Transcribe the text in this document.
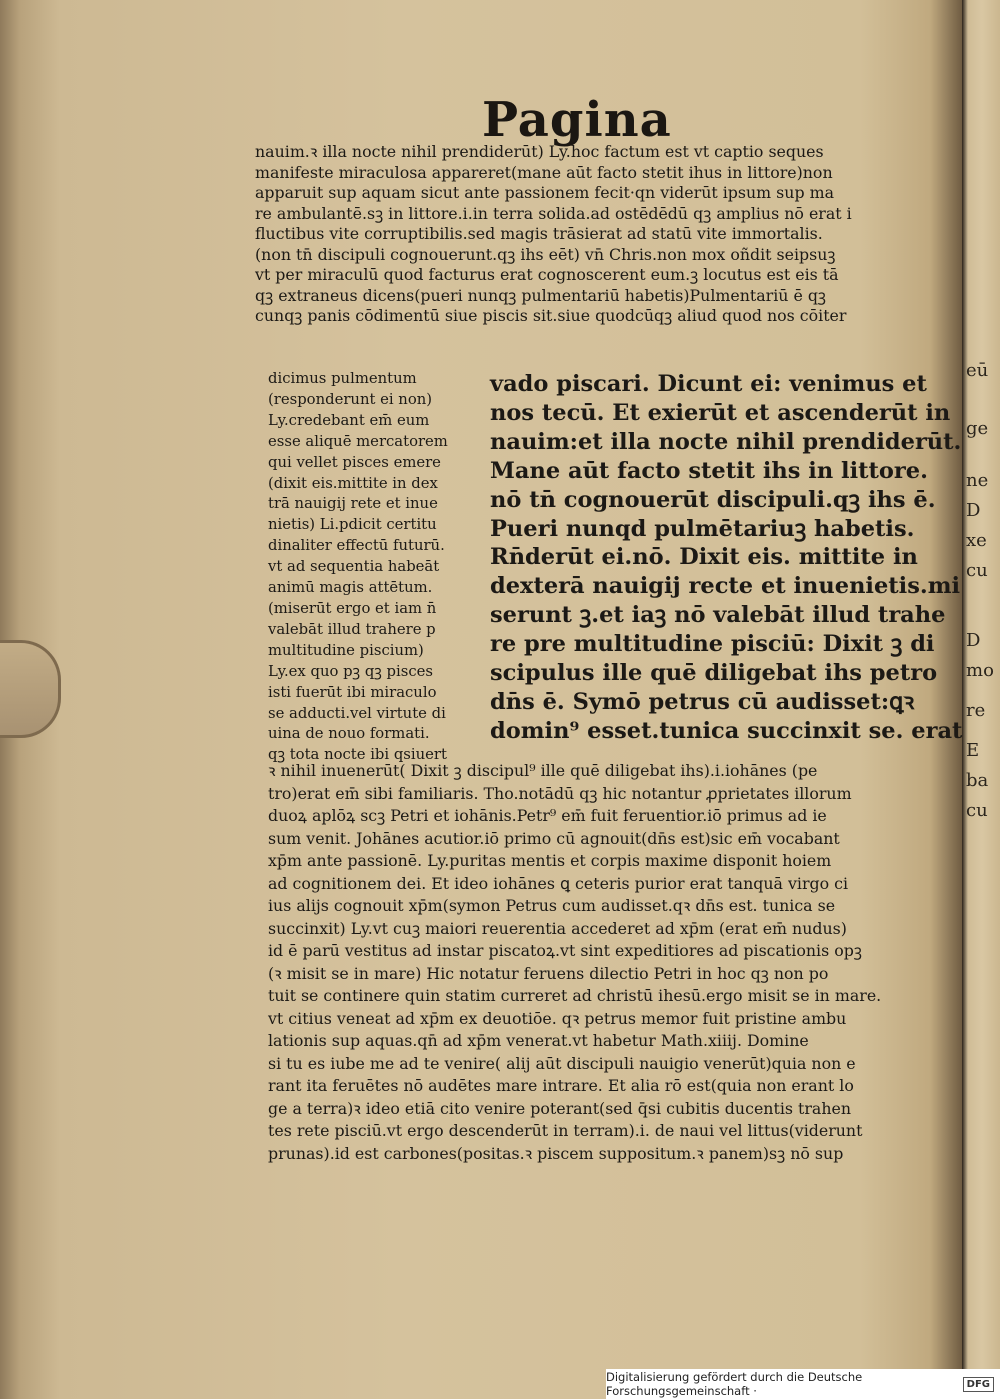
eū
ge
ne
D
xe
cu
D
mo
re
E
ba
cu
Pagina
nauim.ꝛ illa nocte nihil prendiderūt) Ly.hoc factum est vt captio seques
manifeste miraculosa appareret(mane aūt facto stetit ihus in littore)non
apparuit sup aquam sicut ante passionem fecit·qn viderūt ipsum sup ma
re ambulantē.sꝫ in littore.i.in terra solida.ad ostēdēdū qꝫ amplius nō erat i
fluctibus vite corruptibilis.sed magis trāsierat ad statū vite immortalis.
(non tn̄ discipuli cognouerunt.qꝫ ihs eēt) vn̄ Chris.non mox oñdit seipsuꝫ
vt per miraculū quod facturus erat cognoscerent eum.ꝫ locutus est eis tā
qꝫ extraneus dicens(pueri nunqꝫ pulmentariū habetis)Pulmentariū ē qꝫ
cunqꝫ panis cōdimentū siue piscis sit.siue quodcūqꝫ aliud quod nos cōiter
dicimus pulmentum
(responderunt ei non)
Ly.credebant em̄ eum
esse aliquē mercatorem
qui vellet pisces emere
(dixit eis.mittite in dex
trā nauigij rete et inue
nietis) Li.pdicit certitu
dinaliter effectū futurū.
vt ad sequentia habeāt
animū magis attētum.
(miserūt ergo et iam n̄
valebāt illud trahere p
multitudine piscium)
Ly.ex quo pꝫ qꝫ pisces
isti fuerūt ibi miraculo
se adducti.vel virtute di
uina de nouo formati.
qꝫ tota nocte ibi qsiuert
vado piscari. Dicunt ei: venimus et
nos tecū. Et exierūt et ascenderūt in
nauim:et illa nocte nihil prendiderūt.
Mane aūt facto stetit ihs in littore.
nō tn̄ cognouerūt discipuli.qꝫ ihs ē.
Pueri nunqd pulmētariuꝫ habetis.
Rn̄derūt ei.nō. Dixit eis. mittite in
dexterā nauigij recte et inuenietis.mi
serunt ꝫ.et iaꝫ nō valebāt illud trahe
re pre multitudine pisciū: Dixit ꝫ di
scipulus ille quē diligebat ihs petro
dn̄s ē. Symō petrus cū audisset:ꝗꝛ
domin⁹ esset.tunica succinxit se. erat
ꝛ nihil inuenerūt( Dixit ꝫ discipul⁹ ille quē diligebat ihs).i.iohānes (pe
tro)erat em̄ sibi familiaris. Tho.notādū qꝫ hic notantur ꝓprietates illorum
duoꝝ aplōꝝ scꝫ Petri et iohānis.Petr⁹ em̄ fuit feruentior.iō primus ad ie
sum venit. Johānes acutior.iō primo cū agnouit(dn̄s est)sic em̄ vocabant
xp̄m ante passionē. Ly.puritas mentis et corpis maxime disponit hoiem
ad cognitionem dei. Et ideo iohānes ꝗ ceteris purior erat tanquā virgo ci
ius alijs cognouit xp̄m(symon Petrus cum audisset.qꝛ dn̄s est. tunica se
succinxit) Ly.vt cuꝫ maiori reuerentia accederet ad xp̄m (erat em̄ nudus)
id ē parū vestitus ad instar piscatoꝝ.vt sint expeditiores ad piscationis opꝫ
(ꝛ misit se in mare) Hic notatur feruens dilectio Petri in hoc qꝫ non po
tuit se continere quin statim curreret ad christū ihesū.ergo misit se in mare.
vt citius veneat ad xp̄m ex deuotiōe. qꝛ petrus memor fuit pristine ambu
lationis sup aquas.qn̄ ad xp̄m venerat.vt habetur Math.xiiij. Domine
si tu es iube me ad te venire( alij aūt discipuli nauigio venerūt)quia non e
rant ita feruētes nō audētes mare intrare. Et alia rō est(quia non erant lo
ge a terra)ꝛ ideo etiā cito venire poterant(sed q̄si cubitis ducentis trahen
tes rete pisciū.vt ergo descenderūt in terram).i. de naui vel littus(viderunt
prunas).id est carbones(positas.ꝛ piscem suppositum.ꝛ panem)sꝫ nō sup
Digitalisierung gefördert durch die Deutsche Forschungsgemeinschaft ·	DFG
